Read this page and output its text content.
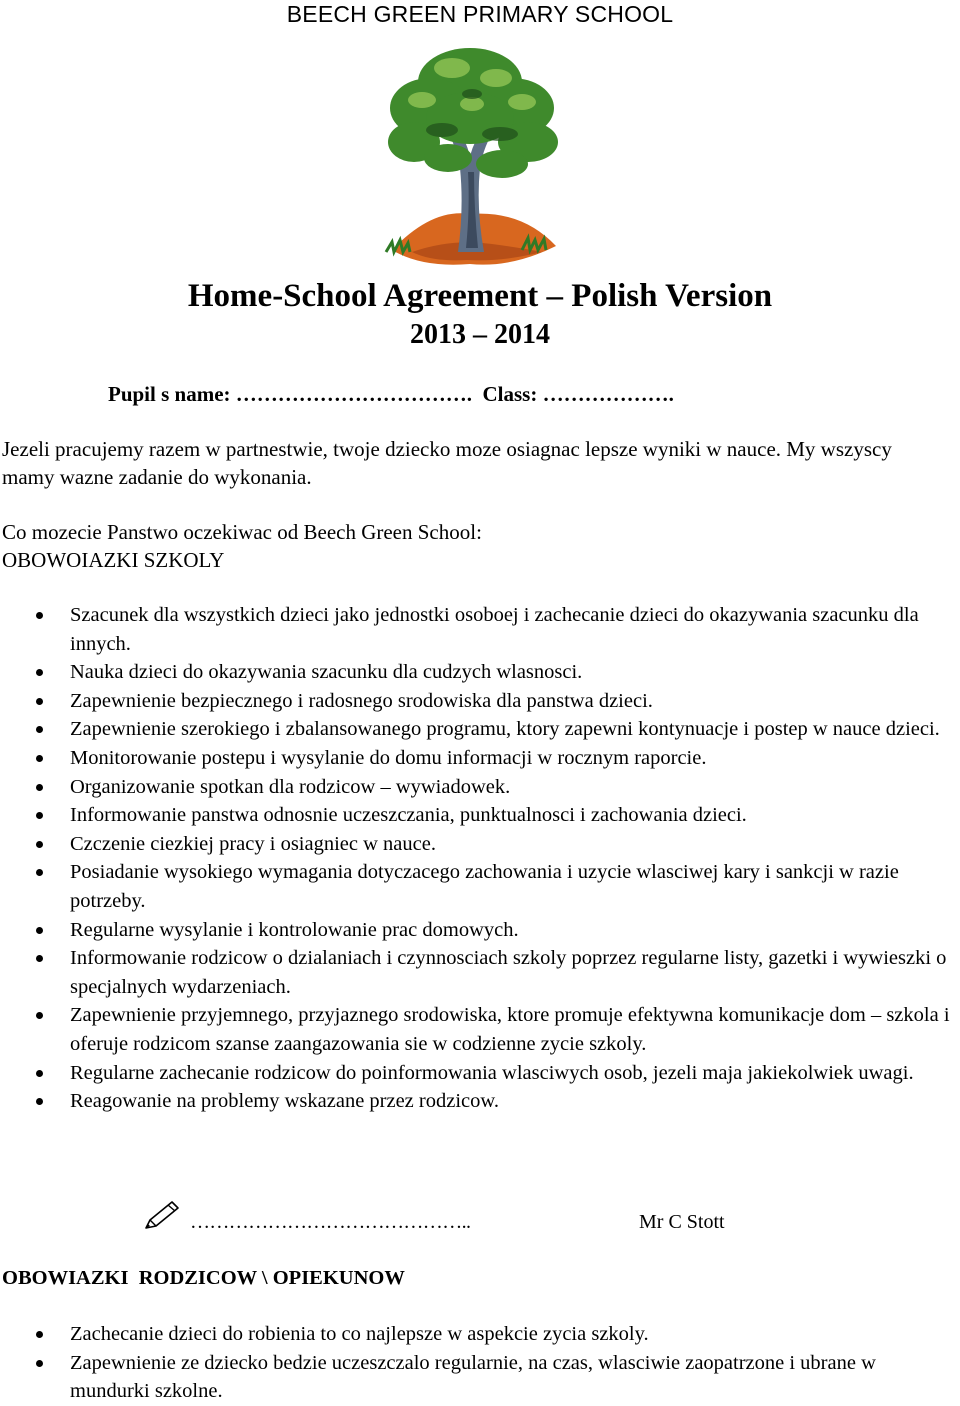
BEECH GREEN PRIMARY SCHOOL
Home-School Agreement – Polish Version
2013 – 2014
Pupil s name: …………………………….  Class: ……………….
Jezeli pracujemy razem w partnestwie, twoje dziecko moze osiagnac lepsze wyniki w nauce. My wszyscy mamy wazne zadanie do wykonania.
Co mozecie Panstwo oczekiwac od Beech Green School:
OBOWOIAZKI SZKOLY
Szacunek dla wszystkich dzieci jako jednostki osoboej i zachecanie dzieci do okazywania szacunku dla innych.
Nauka dzieci do okazywania szacunku dla cudzych wlasnosci.
Zapewnienie bezpiecznego i radosnego srodowiska dla panstwa dzieci.
Zapewnienie szerokiego i zbalansowanego programu, ktory zapewni kontynuacje i postep w nauce dzieci.
Monitorowanie postepu i wysylanie do domu informacji w rocznym raporcie.
Organizowanie spotkan dla rodzicow – wywiadowek.
Informowanie panstwa odnosnie uczeszczania, punktualnosci i zachowania dzieci.
Czczenie ciezkiej pracy i osiagniec w nauce.
Posiadanie wysokiego wymagania dotyczacego zachowania i uzycie wlasciwej kary i sankcji w razie potrzeby.
Regularne wysylanie i kontrolowanie prac domowych.
Informowanie rodzicow o dzialaniach i czynnosciach szkoly poprzez regularne listy, gazetki i wywieszki o specjalnych wydarzeniach.
Zapewnienie przyjemnego, przyjaznego srodowiska, ktore promuje efektywna komunikacje dom – szkola i oferuje rodzicom szanse zaangazowania sie w codzienne zycie szkoly.
Regularne zachecanie rodzicow do poinformowania wlasciwych osob, jezeli maja jakiekolwiek uwagi.
Reagowanie na problemy wskazane przez rodzicow.
……………………………………..	Mr C Stott
OBOWIAZKI  RODZICOW \ OPIEKUNOW
Zachecanie dzieci do robienia to co najlepsze w aspekcie zycia szkoly.
Zapewnienie ze dziecko bedzie uczeszczalo regularnie, na czas, wlasciwie zaopatrzone i ubrane w mundurki szkolne.
